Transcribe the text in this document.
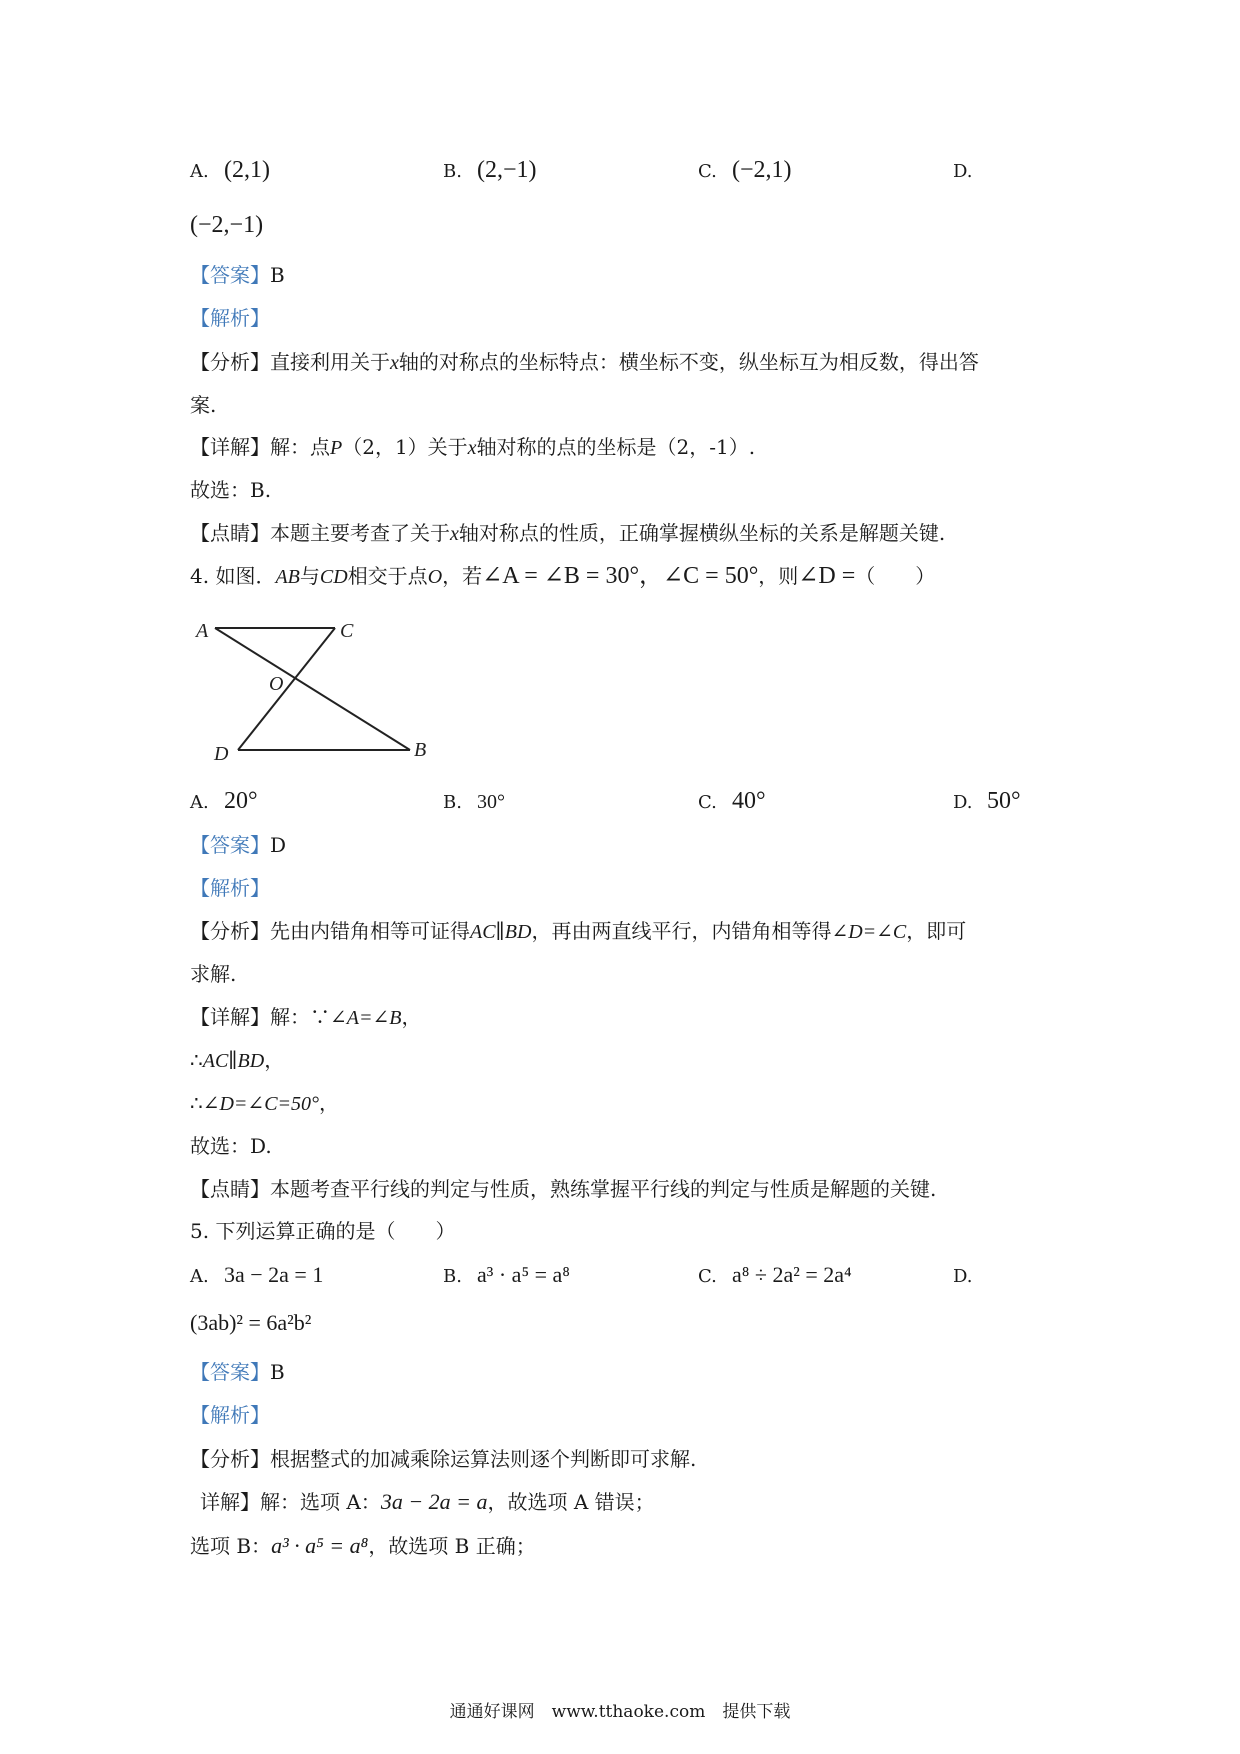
A. (2,1)	B. (2,−1)	C. (−2,1)	D.
(−2,−1)
【答案】B
【解析】
【分析】直接利用关于x轴的对称点的坐标特点：横坐标不变，纵坐标互为相反数，得出答
案.
【详解】解：点P（2，1）关于x轴对称的点的坐标是（2，-1）.
故选：B.
【点睛】本题主要考查了关于x轴对称点的性质，正确掌握横纵坐标的关系是解题关键.
4. 如图．AB与CD相交于点O，若∠A = ∠B = 30°，∠C = 50°，则∠D =（　　）
A	C
O
D	B
A. 20°	B. 30°	C. 40°	D. 50°
【答案】D
【解析】
【分析】先由内错角相等可证得AC∥BD，再由两直线平行，内错角相等得∠D=∠C，即可
求解.
【详解】解：∵∠A=∠B，
∴AC∥BD，
∴∠D=∠C=50°，
故选：D.
【点睛】本题考查平行线的判定与性质，熟练掌握平行线的判定与性质是解题的关键.
5. 下列运算正确的是（　　）
A. 3a − 2a = 1	B. a³ · a⁵ = a⁸	C. a⁸ ÷ 2a² = 2a⁴	D.
(3ab)² = 6a²b²
【答案】B
【解析】
【分析】根据整式的加减乘除运算法则逐个判断即可求解.
详解】解：选项 A：3a − 2a = a，故选项 A 错误；
选项 B：a³ · a⁵ = a⁸，故选项 B 正确；
通通好课网　www.tthaoke.com　提供下载
